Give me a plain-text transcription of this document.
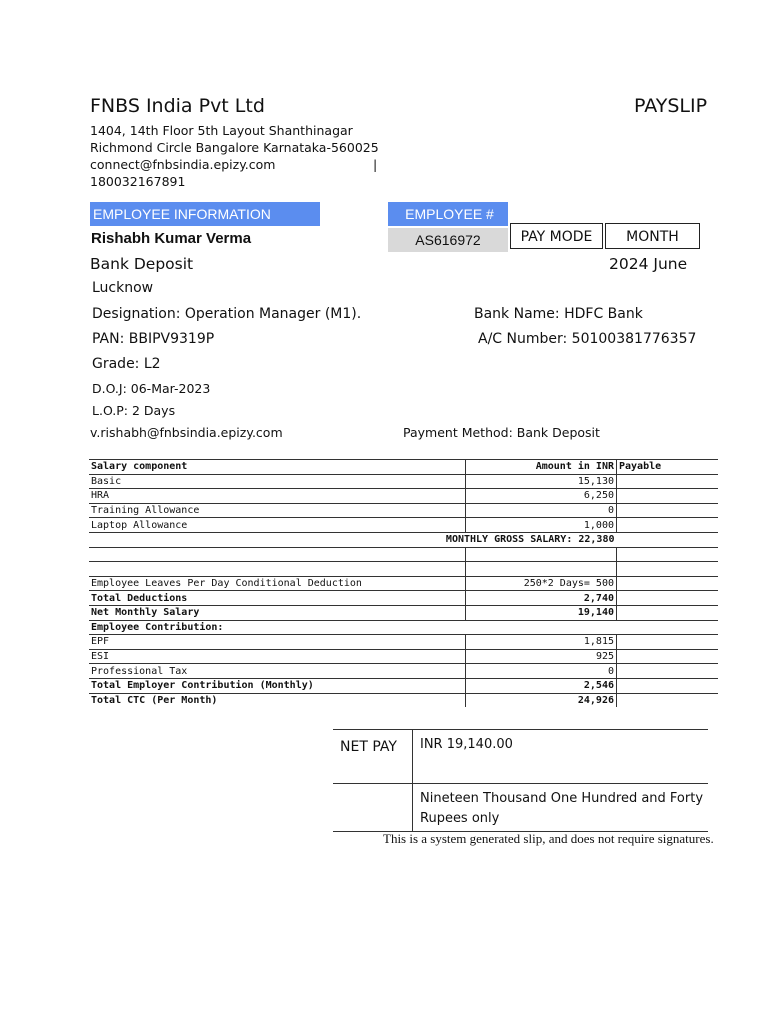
FNBS India Pvt Ltd	PAYSLIP
1404, 14th Floor 5th Layout Shanthinagar Richmond Circle Bangalore Karnataka-560025 connect@fnbsindia.epizy.com	|

180032167891
EMPLOYEE INFORMATION	EMPLOYEE #
AS616972	PAY MODE	MONTH
Rishabh Kumar Verma
Bank Deposit	2024 June
Lucknow
Designation: Operation Manager (M1).	Bank Name: HDFC Bank
PAN: BBIPV9319P	A/C Number: 50100381776357
Grade: L2
D.O.J: 06-Mar-2023
L.O.P: 2 Days
v.rishabh@fnbsindia.epizy.com	Payment Method: Bank Deposit
Salary component	Amount in INR	Payable
Basic	15,130	
HRA	6,250	
Training Allowance	0	
Laptop Allowance	1,000	
MONTHLY GROSS SALARY: 22,380		

Employee Leaves Per Day Conditional Deduction	250*2 Days= 500	
Total Deductions	2,740	
Net Monthly Salary	19,140	
Employee Contribution:		
EPF	1,815	
ESI	925	
Professional Tax	0	
Total Employer Contribution (Monthly)	2,546	
Total CTC (Per Month)	24,926	
NET PAY	INR 19,140.00
	Nineteen Thousand One Hundred and Forty Rupees only
This is a system generated slip, and does not require signatures.
